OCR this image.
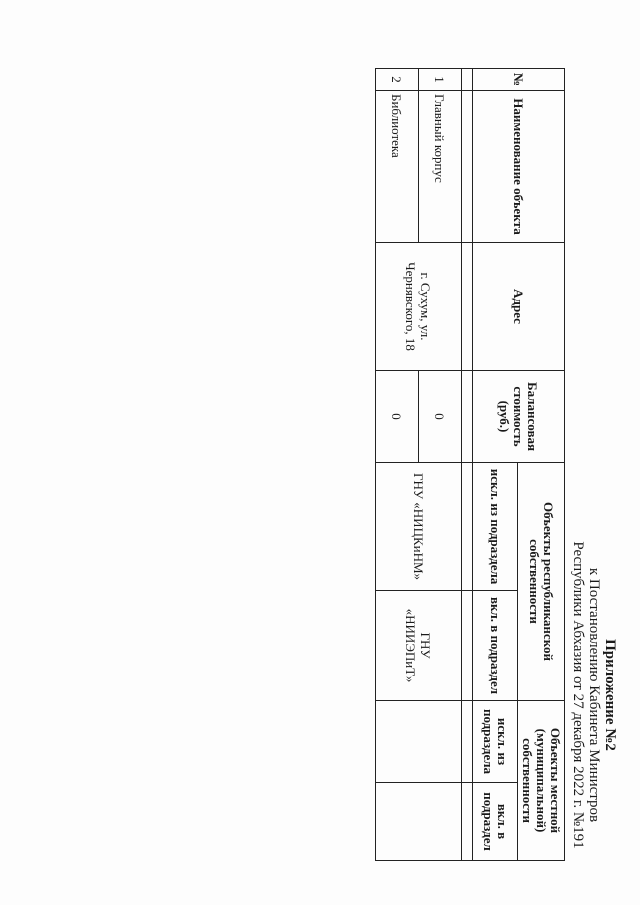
Приложение №2
к Постановлению Кабинета Министров
Республики Абхазия от 27 декабря 2022 г. №191
№	Наименование объекта	Адрес	Балансовая стоимость (руб.)	Объекты республиканской собственности		Объекты местной (муниципальной) собственности	
				искл. из подраздела	вкл. в подраздел	искл. из подраздела	вкл. в подраздел

1	Главный корпус	г. Сухум, ул. Чернявского, 18	0	ГНУ «НИЦКиНМ»	ГНУ «НИИЭПиТ»		
2	Библиотека		0				
